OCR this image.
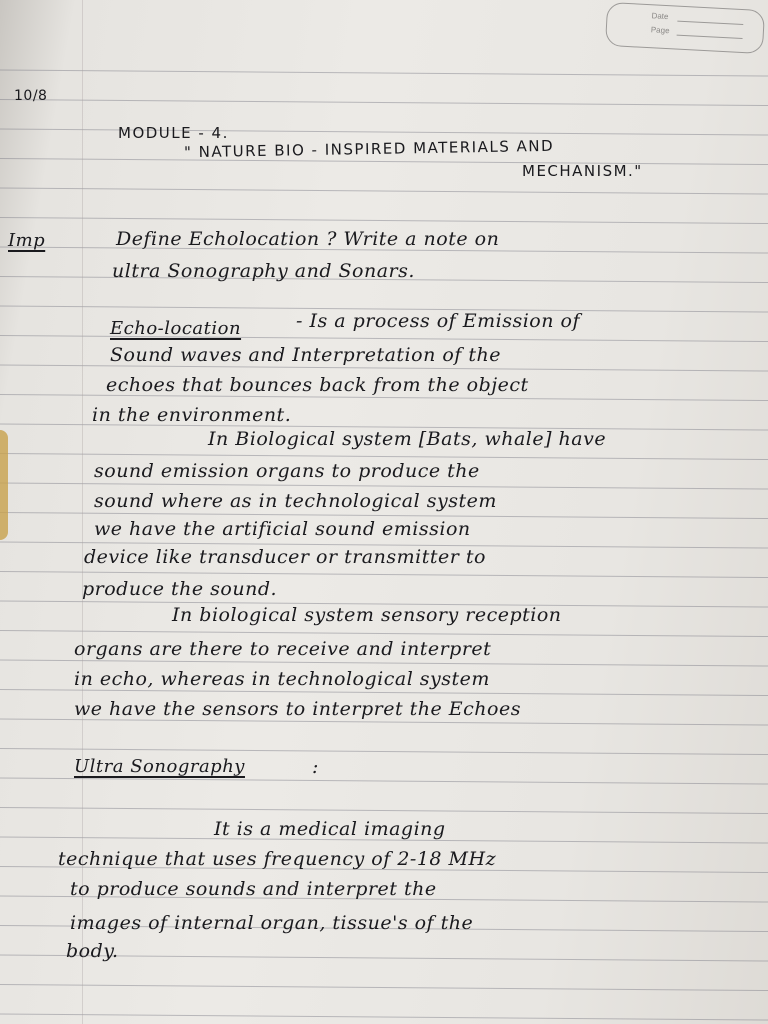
Date
Page
10/8
MODULE - 4.
" NATURE BIO - INSPIRED MATERIALS AND
MECHANISM."
Imp	Define Echolocation ? Write a note on
ultra Sonography and Sonars.
Echo-location	- Is a process of Emission of
Sound waves and Interpretation of the
echoes that bounces back from the object
in the environment.
In Biological system [Bats, whale] have
sound emission organs to produce the
sound where as in technological system
we have the artificial sound emission
device like transducer or transmitter to
produce the sound.
In biological system sensory reception
organs are there to receive and interpret
in echo, whereas in technological system
we have the sensors to interpret the Echoes
Ultra Sonography	:
It is a medical imaging
technique that uses frequency of 2-18 MHz
to produce sounds and interpret the
images of internal organ, tissue's of the
body.
